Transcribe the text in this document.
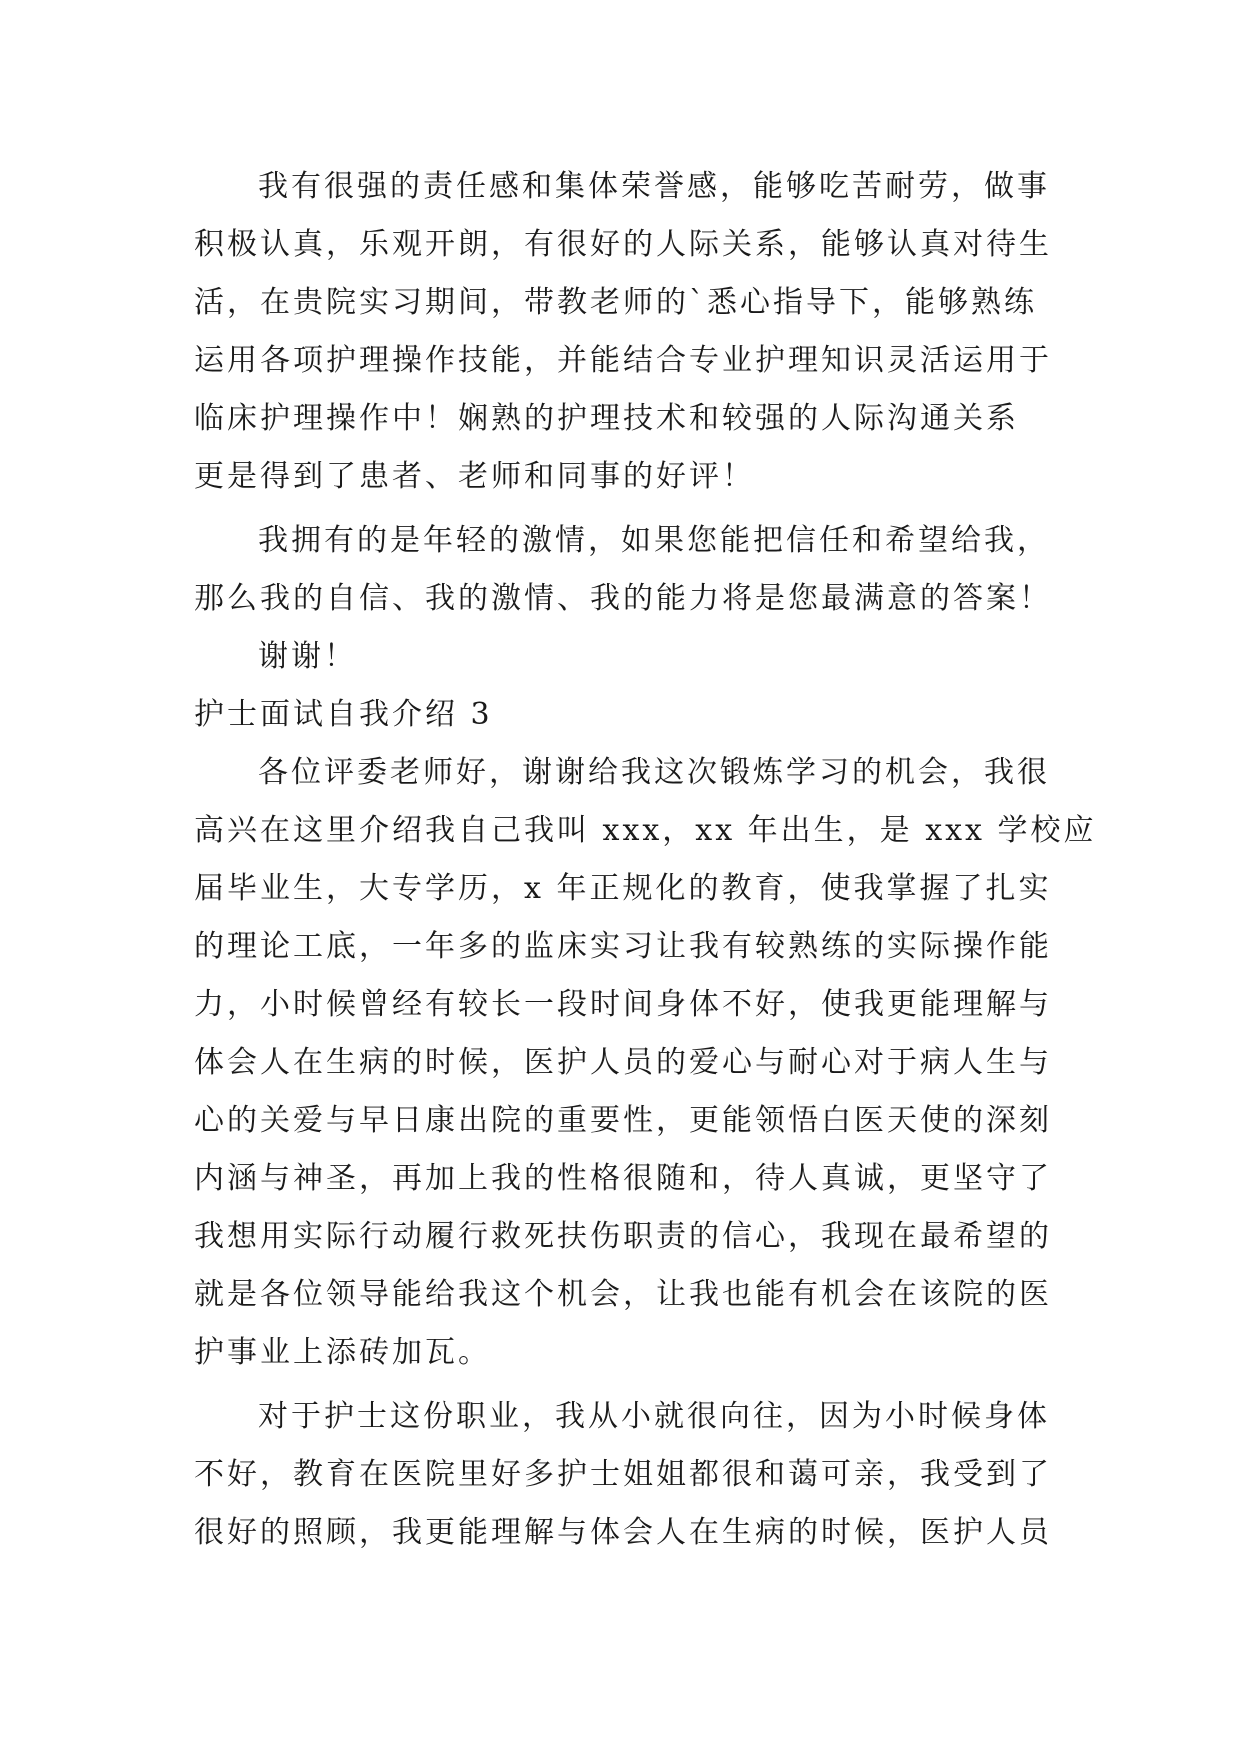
我有很强的责任感和集体荣誉感，能够吃苦耐劳，做事
积极认真，乐观开朗，有很好的人际关系，能够认真对待生
活，在贵院实习期间，带教老师的`悉心指导下，能够熟练
运用各项护理操作技能，并能结合专业护理知识灵活运用于
临床护理操作中！娴熟的护理技术和较强的人际沟通关系
更是得到了患者、老师和同事的好评！
我拥有的是年轻的激情，如果您能把信任和希望给我，
那么我的自信、我的激情、我的能力将是您最满意的答案！
谢谢！
护士面试自我介绍 3
各位评委老师好，谢谢给我这次锻炼学习的机会，我很
高兴在这里介绍我自己我叫 xxx，xx 年出生，是 xxx 学校应
届毕业生，大专学历，x 年正规化的教育，使我掌握了扎实
的理论工底，一年多的监床实习让我有较熟练的实际操作能
力，小时候曾经有较长一段时间身体不好，使我更能理解与
体会人在生病的时候，医护人员的爱心与耐心对于病人生与
心的关爱与早日康出院的重要性，更能领悟白医天使的深刻
内涵与神圣，再加上我的性格很随和，待人真诚，更坚守了
我想用实际行动履行救死扶伤职责的信心，我现在最希望的
就是各位领导能给我这个机会，让我也能有机会在该院的医
护事业上添砖加瓦。
对于护士这份职业，我从小就很向往，因为小时候身体
不好，教育在医院里好多护士姐姐都很和蔼可亲，我受到了
很好的照顾，我更能理解与体会人在生病的时候，医护人员
